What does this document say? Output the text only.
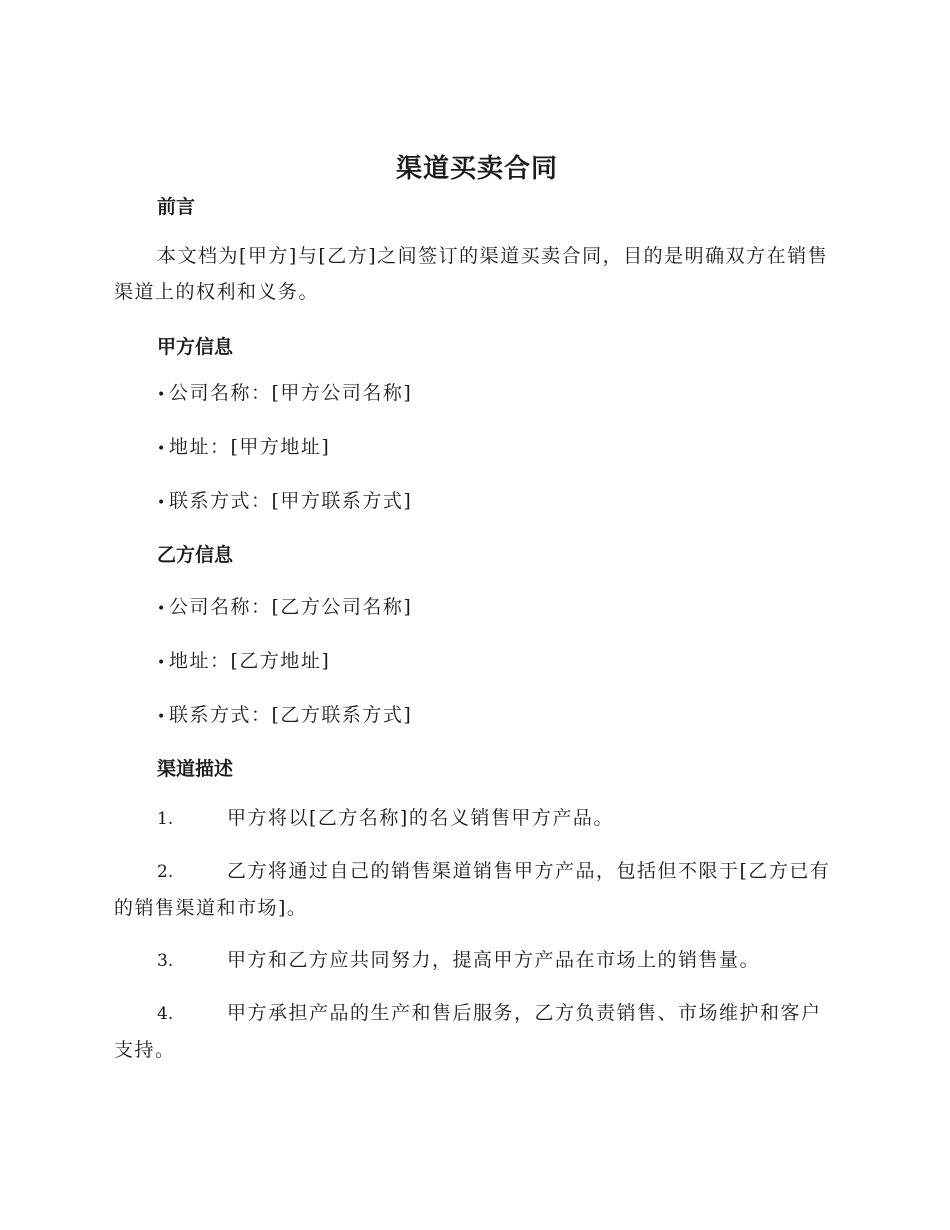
渠道买卖合同
前言

本文档为[甲方]与[乙方]之间签订的渠道买卖合同，目的是明确双方在销售渠道上的权利和义务。

甲方信息

• 公司名称：[甲方公司名称]

• 地址：[甲方地址]

• 联系方式：[甲方联系方式]

乙方信息

• 公司名称：[乙方公司名称]

• 地址：[乙方地址]

• 联系方式：[乙方联系方式]

渠道描述

1.	甲方将以[乙方名称]的名义销售甲方产品。

2.	乙方将通过自己的销售渠道销售甲方产品，包括但不限于[乙方已有的销售渠道和市场]。

3.	甲方和乙方应共同努力，提高甲方产品在市场上的销售量。

4.	甲方承担产品的生产和售后服务，乙方负责销售、市场维护和客户支持。
